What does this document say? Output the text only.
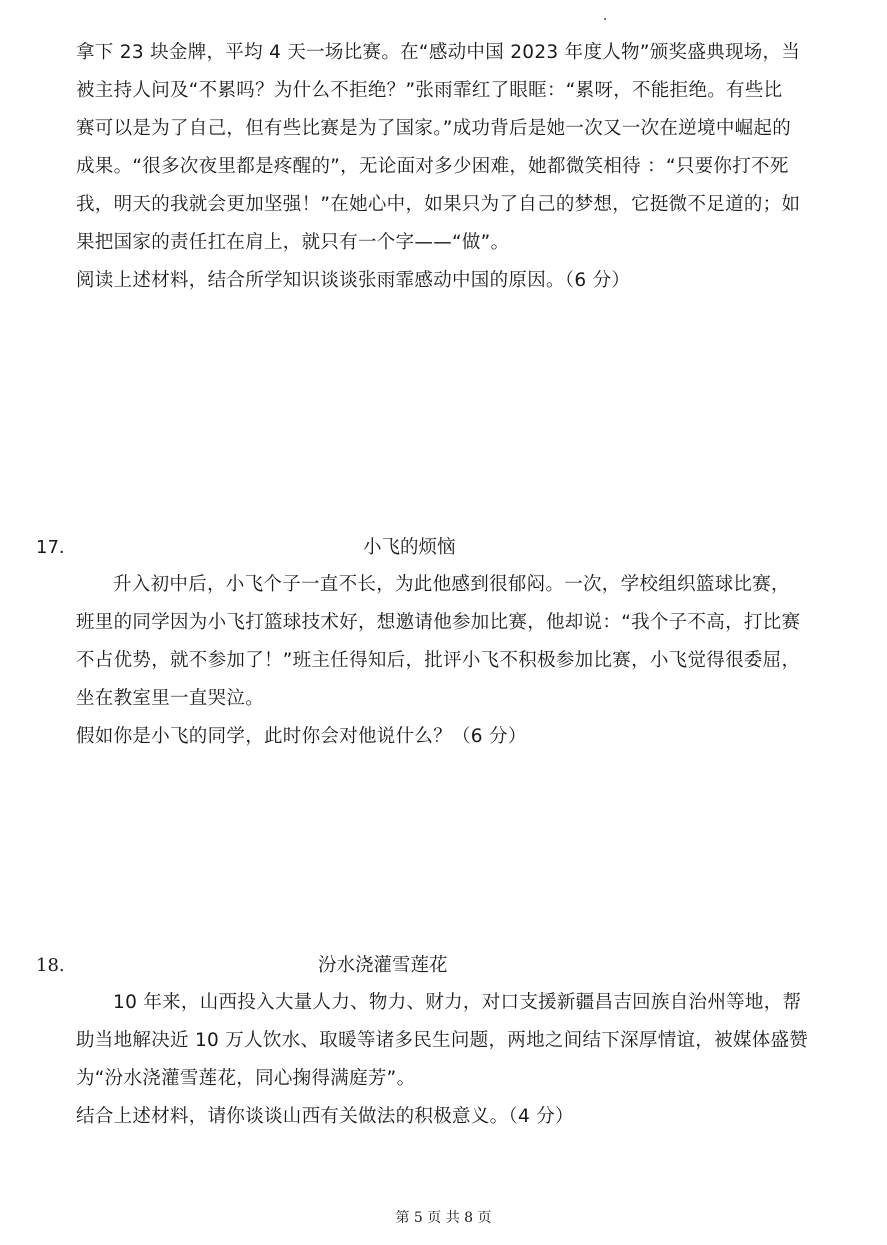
拿下 23 块金牌，平均 4 天一场比赛。在“感动中国 2023 年度人物”颁奖盛典现场，当
被主持人问及“不累吗？为什么不拒绝？”张雨霏红了眼眶：“累呀，不能拒绝。有些比
赛可以是为了自己，但有些比赛是为了国家。”成功背后是她一次又一次在逆境中崛起的
成果。“很多次夜里都是疼醒的”，无论面对多少困难，她都微笑相待 ：“只要你打不死
我，明天的我就会更加坚强！”在她心中，如果只为了自己的梦想，它挺微不足道的；如
果把国家的责任扛在肩上，就只有一个字——“做”。
阅读上述材料，结合所学知识谈谈张雨霏感动中国的原因。（6 分）
17.	小飞的烦恼
升入初中后，小飞个子一直不长，为此他感到很郁闷。一次，学校组织篮球比赛，
班里的同学因为小飞打篮球技术好，想邀请他参加比赛，他却说：“我个子不高，打比赛
不占优势，就不参加了！”班主任得知后，批评小飞不积极参加比赛，小飞觉得很委屈，
坐在教室里一直哭泣。
假如你是小飞的同学，此时你会对他说什么？（6 分）
18.	汾水浇灌雪莲花
10 年来，山西投入大量人力、物力、财力，对口支援新疆昌吉回族自治州等地，帮
助当地解决近 10 万人饮水、取暖等诸多民生问题，两地之间结下深厚情谊，被媒体盛赞
为“汾水浇灌雪莲花，同心掬得满庭芳”。
结合上述材料，请你谈谈山西有关做法的积极意义。（4 分）
第 5 页 共 8 页
